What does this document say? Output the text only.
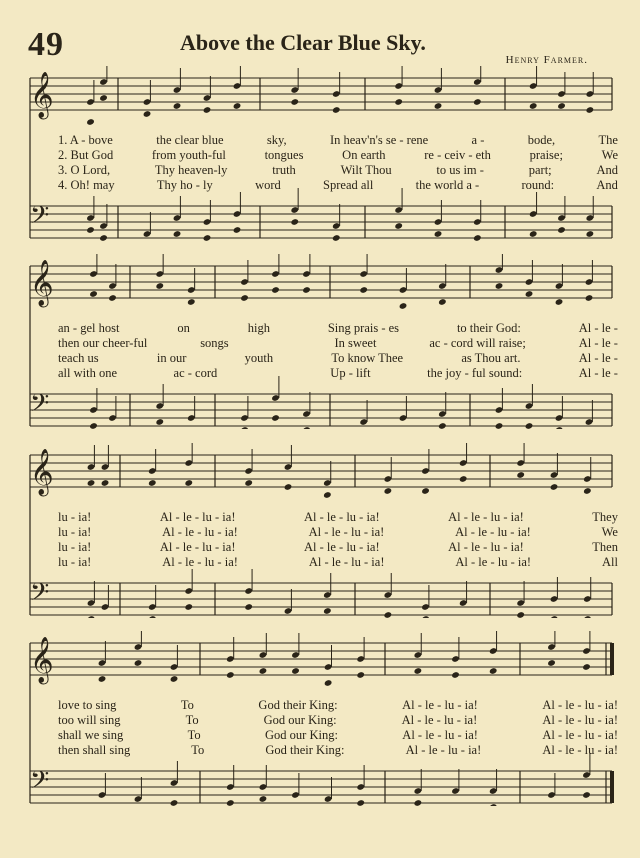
49	Above the Clear Blue Sky.
Henry Farmer.
𝄞
𝄢
𝄞
𝄢
𝄞
𝄢
𝄞
𝄢
1. A - bove	the clear blue	sky,	In heav'n's se - rene	a -	bode,	The
2. But God	from youth-ful	tongues	On earth	re - ceiv - eth	praise;	We
3. O Lord,	Thy heaven-ly	truth	Wilt Thou	to us im -	part;	And
4. Oh! may	Thy ho - ly	word	Spread all	the world a -	round:	And
an - gel host	on	high	Sing prais - es	to their God:	Al - le -
then our cheer-ful	songs	In sweet	ac - cord will raise;	Al - le -
teach us	in our	youth	To know Thee	as Thou art.	Al - le -
all with one	ac - cord	Up - lift	the joy - ful sound:	Al - le -
lu - ia!	Al - le - lu - ia!	Al - le - lu - ia!	Al - le - lu - ia!	They
lu - ia!	Al - le - lu - ia!	Al - le - lu - ia!	Al - le - lu - ia!	We
lu - ia!	Al - le - lu - ia!	Al - le - lu - ia!	Al - le - lu - ia!	Then
lu - ia!	Al - le - lu - ia!	Al - le - lu - ia!	Al - le - lu - ia!	All
love to sing	To	God their King:	Al - le - lu - ia!	Al - le - lu - ia!
too will sing	To	God our King:	Al - le - lu - ia!	Al - le - lu - ia!
shall we sing	To	God our King:	Al - le - lu - ia!	Al - le - lu - ia!
then shall sing	To	God their King:	Al - le - lu - ia!	Al - le - lu - ia!
